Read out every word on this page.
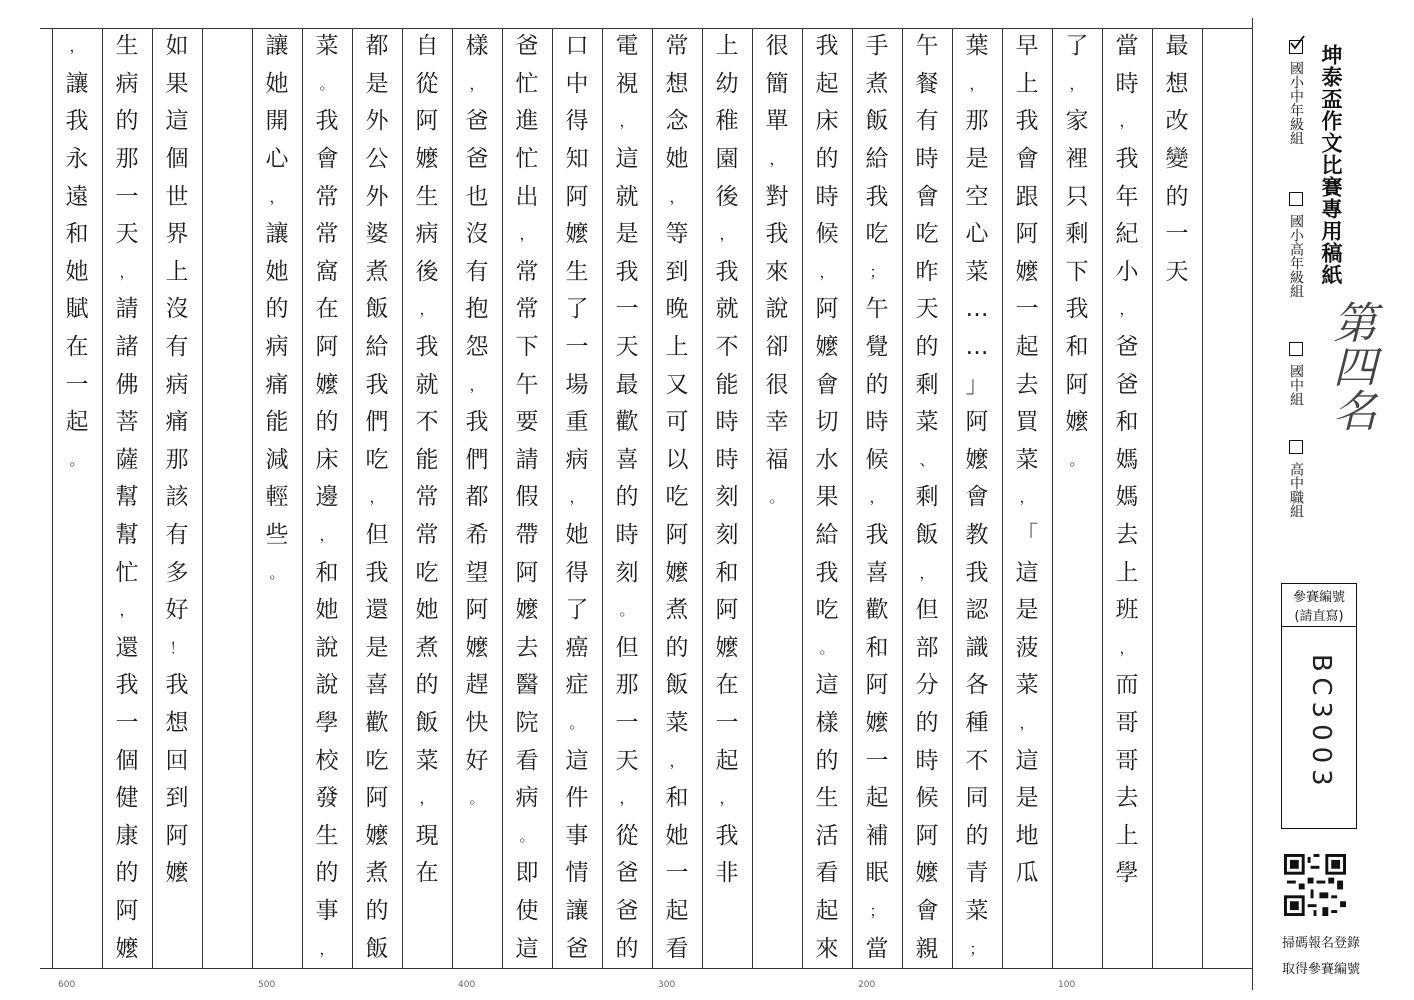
最
想
改
變
的
一
天
當
時
，
我
年
紀
小
，
爸
爸
和
媽
媽
去
上
班
，
而
哥
哥
去
上
學
了
，
家
裡
只
剩
下
我
和
阿
嬤
。
早
上
我
會
跟
阿
嬤
一
起
去
買
菜
，
「
這
是
菠
菜
，
這
是
地
瓜
葉
，
那
是
空
心
菜
…
…
」
阿
嬤
會
教
我
認
識
各
種
不
同
的
青
菜
；
午
餐
有
時
會
吃
昨
天
的
剩
菜
、
剩
飯
，
但
部
分
的
時
候
阿
嬤
會
親
手
煮
飯
給
我
吃
；
午
覺
的
時
候
，
我
喜
歡
和
阿
嬤
一
起
補
眠
；
當
我
起
床
的
時
候
，
阿
嬤
會
切
水
果
給
我
吃
。
這
樣
的
生
活
看
起
來
很
簡
單
，
對
我
來
說
卻
很
幸
福
。
上
幼
稚
園
後
，
我
就
不
能
時
時
刻
刻
和
阿
嬤
在
一
起
，
我
非
常
想
念
她
，
等
到
晚
上
又
可
以
吃
阿
嬤
煮
的
飯
菜
，
和
她
一
起
看
電
視
，
這
就
是
我
一
天
最
歡
喜
的
時
刻
。
但
那
一
天
，
從
爸
爸
的
口
中
得
知
阿
嬤
生
了
一
場
重
病
，
她
得
了
癌
症
。
這
件
事
情
讓
爸
爸
忙
進
忙
出
，
常
常
下
午
要
請
假
帶
阿
嬤
去
醫
院
看
病
。
即
使
這
樣
，
爸
爸
也
沒
有
抱
怨
，
我
們
都
希
望
阿
嬤
趕
快
好
。
自
從
阿
嬤
生
病
後
，
我
就
不
能
常
常
吃
她
煮
的
飯
菜
，
現
在
都
是
外
公
外
婆
煮
飯
給
我
們
吃
，
但
我
還
是
喜
歡
吃
阿
嬤
煮
的
飯
菜
。
我
會
常
常
窩
在
阿
嬤
的
床
邊
，
和
她
說
說
學
校
發
生
的
事
，
讓
她
開
心
，
讓
她
的
病
痛
能
減
輕
些
。
如
果
這
個
世
界
上
沒
有
病
痛
那
該
有
多
好
！
我
想
回
到
阿
嬤
生
病
的
那
一
天
，
請
諸
佛
菩
薩
幫
幫
忙
，
還
我
一
個
健
康
的
阿
嬤
，
讓
我
永
遠
和
她
賦
在
一
起
。
600	500	400	300	200	100
坤泰盃作文比賽專用稿紙

國小中年級組

國小高年級組

國中組

高中職組
第四名
參賽編號
(請直寫)
BC3003
掃碼報名登錄
取得參賽編號
